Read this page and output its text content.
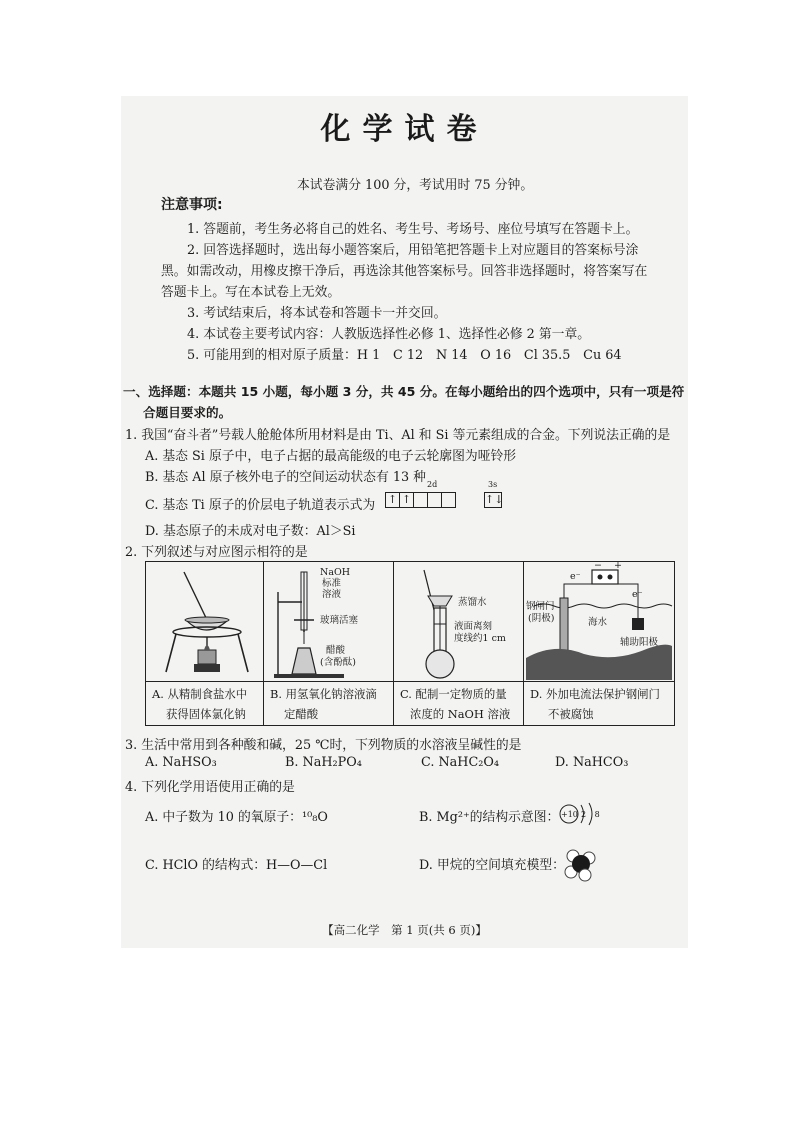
化学试卷
本试卷满分 100 分，考试用时 75 分钟。
注意事项:
1. 答题前，考生务必将自己的姓名、考生号、考场号、座位号填写在答题卡上。
2. 回答选择题时，选出每小题答案后，用铅笔把答题卡上对应题目的答案标号涂
黑。如需改动，用橡皮擦干净后，再选涂其他答案标号。回答非选择题时，将答案写在
答题卡上。写在本试卷上无效。
3. 考试结束后，将本试卷和答题卡一并交回。
4. 本试卷主要考试内容：人教版选择性必修 1、选择性必修 2 第一章。
5. 可能用到的相对原子质量：H 1　C 12　N 14　O 16　Cl 35.5　Cu 64
一、选择题：本题共 15 小题，每小题 3 分，共 45 分。在每小题给出的四个选项中，只有一项是符
合题目要求的。
1. 我国“奋斗者”号载人舱舱体所用材料是由 Ti、Al 和 Si 等元素组成的合金。下列说法正确的是
A. 基态 Si 原子中，电子占据的最高能级的电子云轮廓图为哑铃形
B. 基态 Al 原子核外电子的空间运动状态有 13 种
C. 基态 Ti 原子的价层电子轨道表示式为
2d
↑ ↑
3s
↑↓
D. 基态原子的未成对电子数：Al＞Si
2. 下列叙述与对应图示相符的是
A. 从精制食盐水中
获得固体氯化钠
NaOH
标准
溶液
玻璃活塞
醋酸
(含酚酞)
B. 用氢氧化钠溶液滴
定醋酸
蒸馏水
液面离刻
度线约1 cm
C. 配制一定物质的量
浓度的 NaOH 溶液
− +
e⁻
e⁻
钢闸门
(阴极)	海水
辅助阳极
D. 外加电流法保护钢闸门
不被腐蚀
3. 生活中常用到各种酸和碱，25 ℃时，下列物质的水溶液呈碱性的是
A. NaHSO₃	B. NaH₂PO₄	C. NaHC₂O₄	D. NaHCO₃
4. 下列化学用语使用正确的是
A. 中子数为 10 的氧原子：¹⁰₈O	B. Mg²⁺的结构示意图： +10 2 8
C. HClO 的结构式：H—O—Cl	D. 甲烷的空间填充模型：
【高二化学　第 1 页(共 6 页)】
